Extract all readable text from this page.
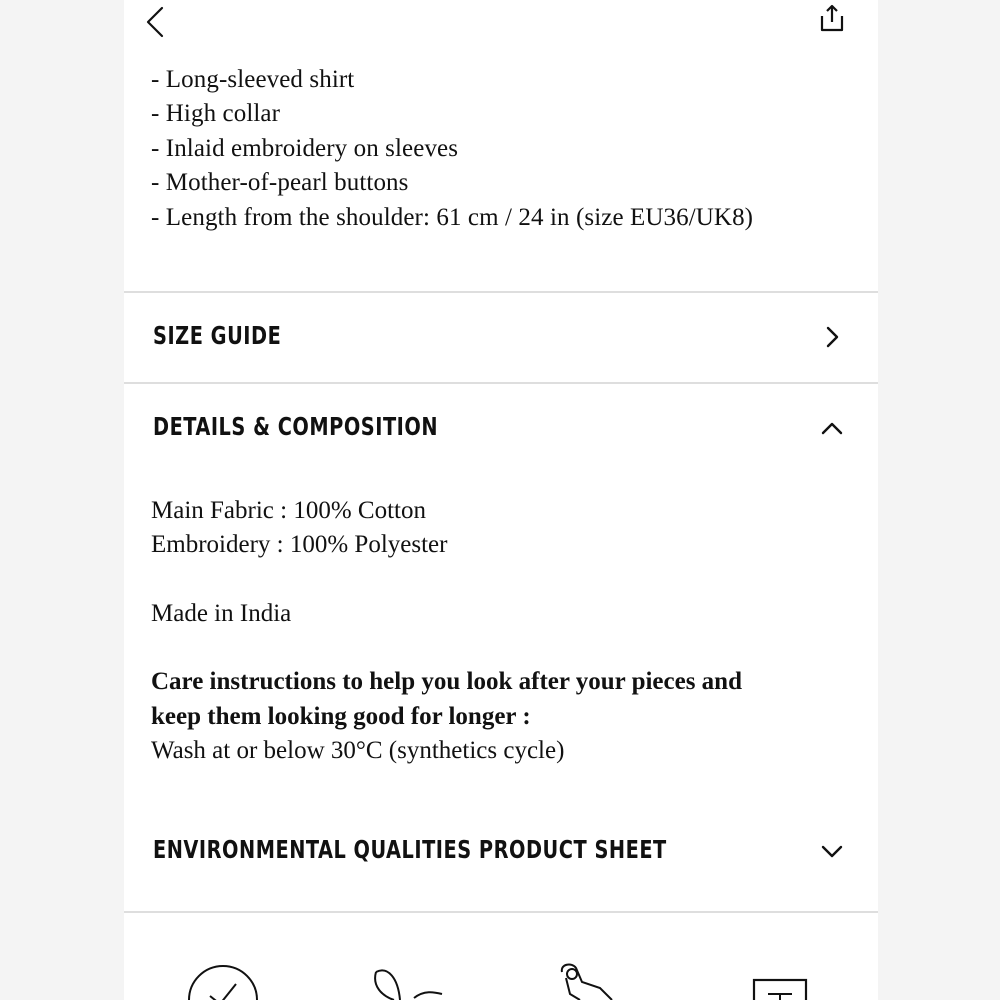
- Long-sleeved shirt
- High collar
- Inlaid embroidery on sleeves
- Mother-of-pearl buttons
- Length from the shoulder: 61 cm / 24 in (size EU36/UK8)
SIZE GUIDE
DETAILS & COMPOSITION
Main Fabric : 100% Cotton
Embroidery : 100% Polyester
Made in India
Care instructions to help you look after your pieces and
keep them looking good for longer :
Wash at or below 30°C (synthetics cycle)
ENVIRONMENTAL QUALITIES PRODUCT SHEET
